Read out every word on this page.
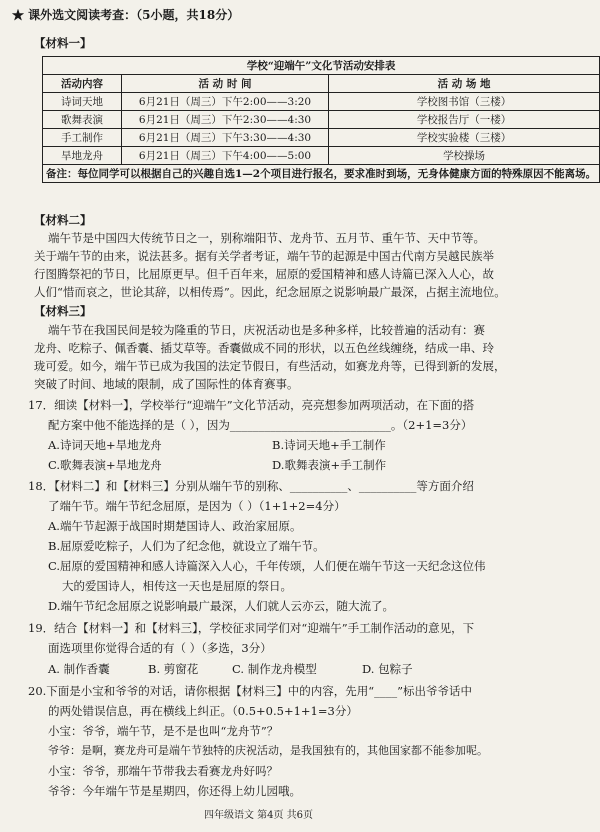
★ 课外选文阅读考查：（5小题，共18分）
【材料一】
学校“迎端午”文化节活动安排表		
活动内容	活 动 时 间	活 动 场 地
诗词天地	6月21日（周三）下午2:00——3:20	学校图书馆（三楼）
歌舞表演	6月21日（周三）下午2:30——4:30	学校报告厅（一楼）
手工制作	6月21日（周三）下午3:30——4:30	学校实验楼（三楼）
旱地龙舟	6月21日（周三）下午4:00——5:00	学校操场
备注：每位同学可以根据自己的兴趣自选1—2个项目进行报名，要求准时到场，无身体健康方面的特殊原因不能离场。		
【材料二】
端午节是中国四大传统节日之一，别称端阳节、龙舟节、五月节、重午节、天中节等。
关于端午节的由来，说法甚多。据有关学者考证，端午节的起源是中国古代南方吴越民族举
行图腾祭祀的节日，比屈原更早。但千百年来，屈原的爱国精神和感人诗篇已深入人心，故
人们“惜而哀之，世论其辞，以相传焉”。因此，纪念屈原之说影响最广最深，占据主流地位。
【材料三】
端午节在我国民间是较为隆重的节日，庆祝活动也是多种多样，比较普遍的活动有：赛
龙舟、吃粽子、佩香囊、插艾草等。香囊做成不同的形状，以五色丝线缠绕，结成一串、玲
珑可爱。如今，端午节已成为我国的法定节假日，有些活动，如赛龙舟等，已得到新的发展，
突破了时间、地域的限制，成了国际性的体育赛事。
17．细读【材料一】，学校举行“迎端午”文化节活动，亮亮想参加两项活动，在下面的搭
配方案中他不能选择的是（ ），因为____________________________。（2+1=3分）
A.诗词天地+旱地龙舟	B.诗词天地+手工制作
C.歌舞表演+旱地龙舟	D.歌舞表演+手工制作
18．【材料二】和【材料三】分别从端午节的别称、__________、__________等方面介绍
了端午节。端午节纪念屈原，是因为（ ）（1+1+2=4分）
A.端午节起源于战国时期楚国诗人、政治家屈原。
B.屈原爱吃粽子，人们为了纪念他，就设立了端午节。
C.屈原的爱国精神和感人诗篇深入人心，千年传颂，人们便在端午节这一天纪念这位伟
大的爱国诗人，相传这一天也是屈原的祭日。
D.端午节纪念屈原之说影响最广最深，人们就人云亦云，随大流了。
19．结合【材料一】和【材料三】，学校征求同学们对“迎端午”手工制作活动的意见，下
面选项里你觉得合适的有（ ）（多选，3分）
A. 制作香囊	B. 剪窗花	C. 制作龙舟模型	D. 包粽子
20.下面是小宝和爷爷的对话，请你根据【材料三】中的内容，先用“____”标出爷爷话中
的两处错误信息，再在横线上纠正。（0.5+0.5+1+1=3分）
小宝：爷爷，端午节，是不是也叫“龙舟节”？
爷爷：是啊，赛龙舟可是端午节独特的庆祝活动，是我国独有的，其他国家都不能参加呢。
小宝：爷爷，那端午节带我去看赛龙舟好吗？
爷爷：今年端午节是星期四，你还得上幼儿园哦。
四年级语文 第4页 共6页
